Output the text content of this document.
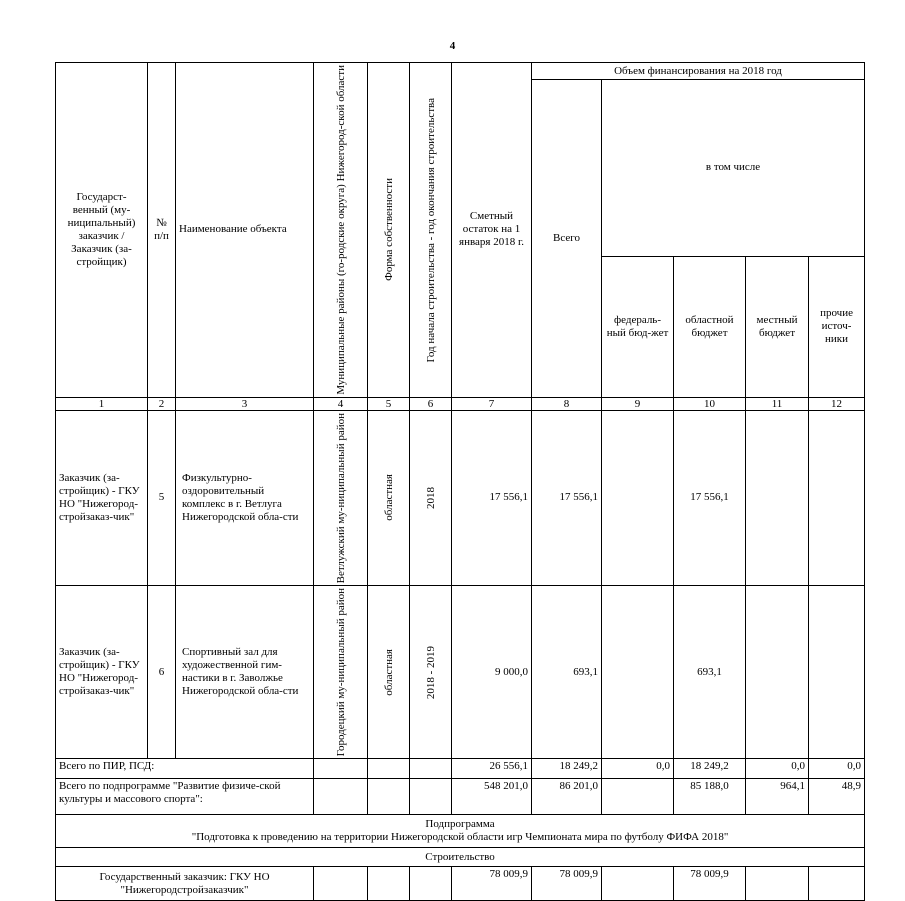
4
Государст-венный (му-ниципальный) заказчик / Заказчик (за-стройщик)	№ п/п	Наименование объекта	Муниципальные районы (го-родские округа) Нижегород-ской области	Форма собственности	Год начала строительства - год окончания строительства	Сметный остаток на 1 января 2018 г.	Объем финансирования на 2018 год				
							Всего	в том числе			
								федераль-ный бюд-жет	областной бюджет	местный бюджет	прочие источ-ники
1	2	3	4	5	6	7	8	9	10	11	12
Заказчик (за-стройщик) - ГКУ НО "Нижегород-стройзаказ-чик"	5	Физкультурно-оздоровительный комплекс в г. Ветлуга Нижегородской обла-сти	Ветлужский му-ниципальный район	областная	2018	17 556,1	17 556,1		17 556,1		
Заказчик (за-стройщик) - ГКУ НО "Нижегород-стройзаказ-чик"	6	Спортивный зал для художественной гим-настики в г. Заволжье Нижегородской обла-сти	Городецкий му-ниципальный район	областная	2018 - 2019	9 000,0	693,1		693,1		
Всего по ПИР, ПСД:						26 556,1	18 249,2	0,0	18 249,2	0,0	0,0
Всего по подпрограмме "Развитие физиче-ской культуры и массового спорта":						548 201,0	86 201,0		85 188,0	964,1	48,9

Подпрограмма
"Подготовка к проведению на территории Нижегородской области игр Чемпионата мира по футболу ФИФА 2018"											

Строительство											
Государственный заказчик: ГКУ НО "Нижегородстройзаказчик"						78 009,9	78 009,9		78 009,9		
